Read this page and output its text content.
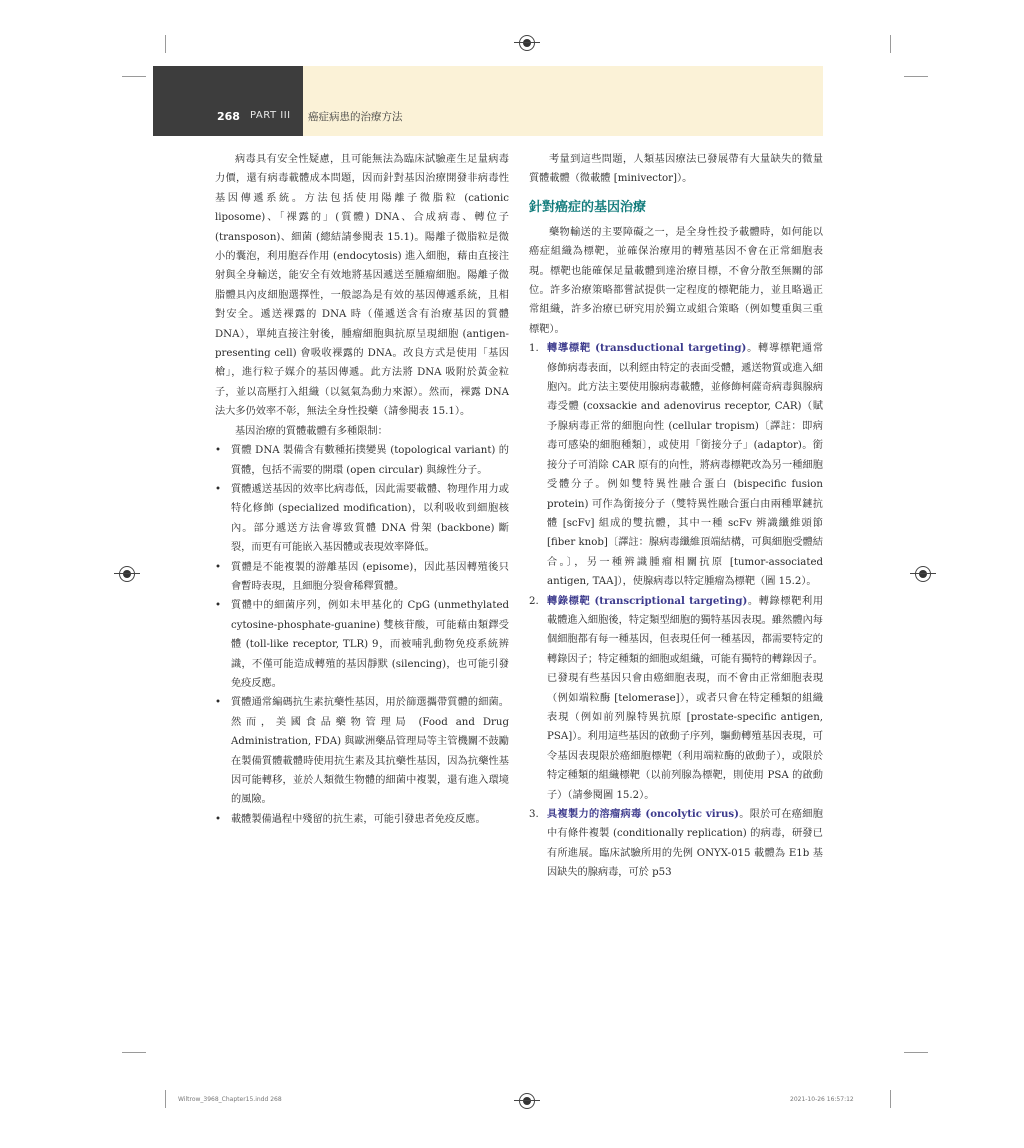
268 PART III 癌症病患的治療方法

病毒具有安全性疑慮，且可能無法為臨床試驗產生足量病毒力價，還有病毒載體成本問題，因而針對基因治療開發非病毒性基因傳遞系統。方法包括使用陽離子微脂粒 (cationic liposome)、「裸露的」(質體) DNA、合成病毒、轉位子 (transposon)、細菌 (總結請參閱表 15.1)。陽離子微脂粒是微小的囊泡，利用胞吞作用 (endocytosis) 進入細胞，藉由直接注射與全身輸送，能安全有效地將基因遞送至腫瘤細胞。陽離子微脂體具內皮細胞選擇性，一般認為是有效的基因傳遞系統，且相對安全。遞送裸露的 DNA 時（僅遞送含有治療基因的質體 DNA），單純直接注射後，腫瘤細胞與抗原呈現細胞 (antigen-presenting cell) 會吸收裸露的 DNA。改良方式是使用「基因槍」，進行粒子媒介的基因傳遞。此方法將 DNA 吸附於黃金粒子，並以高壓打入組織（以氦氣為動力來源）。然而，裸露 DNA 法大多仍效率不彰，無法全身性投藥（請參閱表 15.1）。

基因治療的質體載體有多種限制：

• 質體 DNA 製備含有數種拓撲變異 (topological variant) 的質體，包括不需要的開環 (open circular) 與線性分子。
• 質體遞送基因的效率比病毒低，因此需要載體、物理作用力或特化修飾 (specialized modification)，以利吸收到細胞核內。部分遞送方法會導致質體 DNA 骨架 (backbone) 斷裂，而更有可能嵌入基因體或表現效率降低。
• 質體是不能複製的游離基因 (episome)，因此基因轉殖後只會暫時表現，且細胞分裂會稀釋質體。
• 質體中的細菌序列，例如未甲基化的 CpG (unmethylated cytosine-phosphate-guanine) 雙核苷酸，可能藉由類鐸受體 (toll-like receptor, TLR) 9，而被哺乳動物免疫系統辨識，不僅可能造成轉殖的基因靜默 (silencing)，也可能引發免疫反應。
• 質體通常編碼抗生素抗藥性基因，用於篩選攜帶質體的細菌。然而，美國食品藥物管理局 (Food and Drug Administration, FDA) 與歐洲藥品管理局等主管機關不鼓勵在製備質體載體時使用抗生素及其抗藥性基因，因為抗藥性基因可能轉移，並於人類微生物體的細菌中複製，還有進入環境的風險。
• 載體製備過程中殘留的抗生素，可能引發患者免疫反應。

考量到這些問題，人類基因療法已發展帶有大量缺失的微量質體載體（微載體 [minivector]）。

針對癌症的基因治療

藥物輸送的主要障礙之一，是全身性投予載體時，如何能以癌症組織為標靶，並確保治療用的轉殖基因不會在正常細胞表現。標靶也能確保足量載體到達治療目標，不會分散至無關的部位。許多治療策略都嘗試提供一定程度的標靶能力，並且略過正常組織，許多治療已研究用於獨立或組合策略（例如雙重與三重標靶）。

1. 轉導標靶 (transductional targeting)。轉導標靶通常修飾病毒表面，以利經由特定的表面受體，遞送物質或進入細胞內。此方法主要使用腺病毒載體，並修飾柯薩奇病毒與腺病毒受體 (coxsackie and adenovirus receptor, CAR)（賦予腺病毒正常的細胞向性 (cellular tropism)〔譯註：即病毒可感染的細胞種類〕，或使用「銜接分子」(adaptor)。銜接分子可消除 CAR 原有的向性，將病毒標靶改為另一種細胞受體分子。例如雙特異性融合蛋白 (bispecific fusion protein) 可作為銜接分子（雙特異性融合蛋白由兩種單鏈抗體 [scFv] 組成的雙抗體，其中一種 scFv 辨識纖維頭節 [fiber knob]〔譯註：腺病毒纖維頂端結構，可與細胞受體結合。〕，另一種辨識腫瘤相關抗原 [tumor-associated antigen, TAA]），使腺病毒以特定腫瘤為標靶（圖 15.2）。
2. 轉錄標靶 (transcriptional targeting)。轉錄標靶利用載體進入細胞後，特定類型細胞的獨特基因表現。雖然體內每個細胞都有每一種基因，但表現任何一種基因，都需要特定的轉錄因子；特定種類的細胞或組織，可能有獨特的轉錄因子。已發現有些基因只會由癌細胞表現，而不會由正常細胞表現（例如端粒酶 [telomerase]），或者只會在特定種類的組織表現（例如前列腺特異抗原 [prostate-specific antigen, PSA]）。利用這些基因的啟動子序列，驅動轉殖基因表現，可令基因表現限於癌細胞標靶（利用端粒酶的啟動子），或限於特定種類的組織標靶（以前列腺為標靶，則使用 PSA 的啟動子）（請參閱圖 15.2）。
3. 具複製力的溶瘤病毒 (oncolytic virus)。限於可在癌細胞中有條件複製 (conditionally replication) 的病毒，研發已有所進展。臨床試驗所用的先例 ONYX-015 載體為 E1b 基因缺失的腺病毒，可於 p53
Wiltrow_3968_Chapter15.indd 268	2021-10-26 16:57:12
